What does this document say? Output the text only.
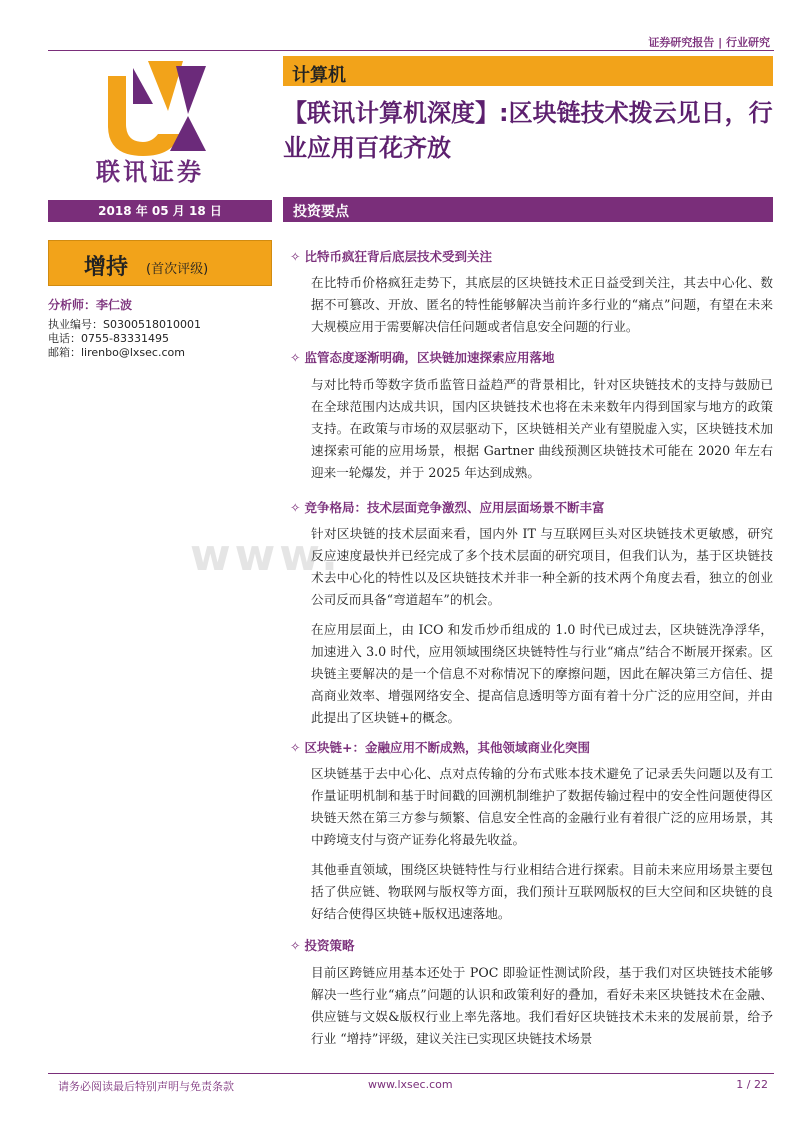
证券研究报告 | 行业研究
联讯证券
计算机
【联讯计算机深度】:区块链技术拨云见日，行业应用百花齐放
2018 年 05 月 18 日	投资要点
增持 (首次评级)
分析师：李仁波
执业编号：S0300518010001
电话：0755-83331495
邮箱：lirenbo@lxsec.com
www.
✧ 比特币疯狂背后底层技术受到关注
在比特币价格疯狂走势下，其底层的区块链技术正日益受到关注，其去中心化、数据不可篡改、开放、匿名的特性能够解决当前许多行业的“痛点”问题，有望在未来大规模应用于需要解决信任问题或者信息安全问题的行业。
✧ 监管态度逐渐明确，区块链加速探索应用落地
与对比特币等数字货币监管日益趋严的背景相比，针对区块链技术的支持与鼓励已在全球范围内达成共识，国内区块链技术也将在未来数年内得到国家与地方的政策支持。在政策与市场的双层驱动下，区块链相关产业有望脱虚入实，区块链技术加速探索可能的应用场景，根据 Gartner 曲线预测区块链技术可能在 2020 年左右迎来一轮爆发，并于 2025 年达到成熟。
✧ 竞争格局：技术层面竞争激烈、应用层面场景不断丰富
针对区块链的技术层面来看，国内外 IT 与互联网巨头对区块链技术更敏感，研究反应速度最快并已经完成了多个技术层面的研究项目，但我们认为，基于区块链技术去中心化的特性以及区块链技术并非一种全新的技术两个角度去看，独立的创业公司反而具备“弯道超车”的机会。
在应用层面上，由 ICO 和发币炒币组成的 1.0 时代已成过去，区块链洗净浮华，加速进入 3.0 时代，应用领域围绕区块链特性与行业“痛点”结合不断展开探索。区块链主要解决的是一个信息不对称情况下的摩擦问题，因此在解决第三方信任、提高商业效率、增强网络安全、提高信息透明等方面有着十分广泛的应用空间，并由此提出了区块链+的概念。
✧ 区块链+：金融应用不断成熟，其他领域商业化突围
区块链基于去中心化、点对点传输的分布式账本技术避免了记录丢失问题以及有工作量证明机制和基于时间戳的回溯机制维护了数据传输过程中的安全性问题使得区块链天然在第三方参与频繁、信息安全性高的金融行业有着很广泛的应用场景，其中跨境支付与资产证券化将最先收益。
其他垂直领域，围绕区块链特性与行业相结合进行探索。目前未来应用场景主要包括了供应链、物联网与版权等方面，我们预计互联网版权的巨大空间和区块链的良好结合使得区块链+版权迅速落地。
✧ 投资策略
目前区跨链应用基本还处于 POC 即验证性测试阶段，基于我们对区块链技术能够解决一些行业“痛点”问题的认识和政策利好的叠加，看好未来区块链技术在金融、供应链与文娱&版权行业上率先落地。我们看好区块链技术未来的发展前景，给予行业 “增持”评级，建议关注已实现区块链技术场景
请务必阅读最后特别声明与免责条款	www.lxsec.com	1 / 22
